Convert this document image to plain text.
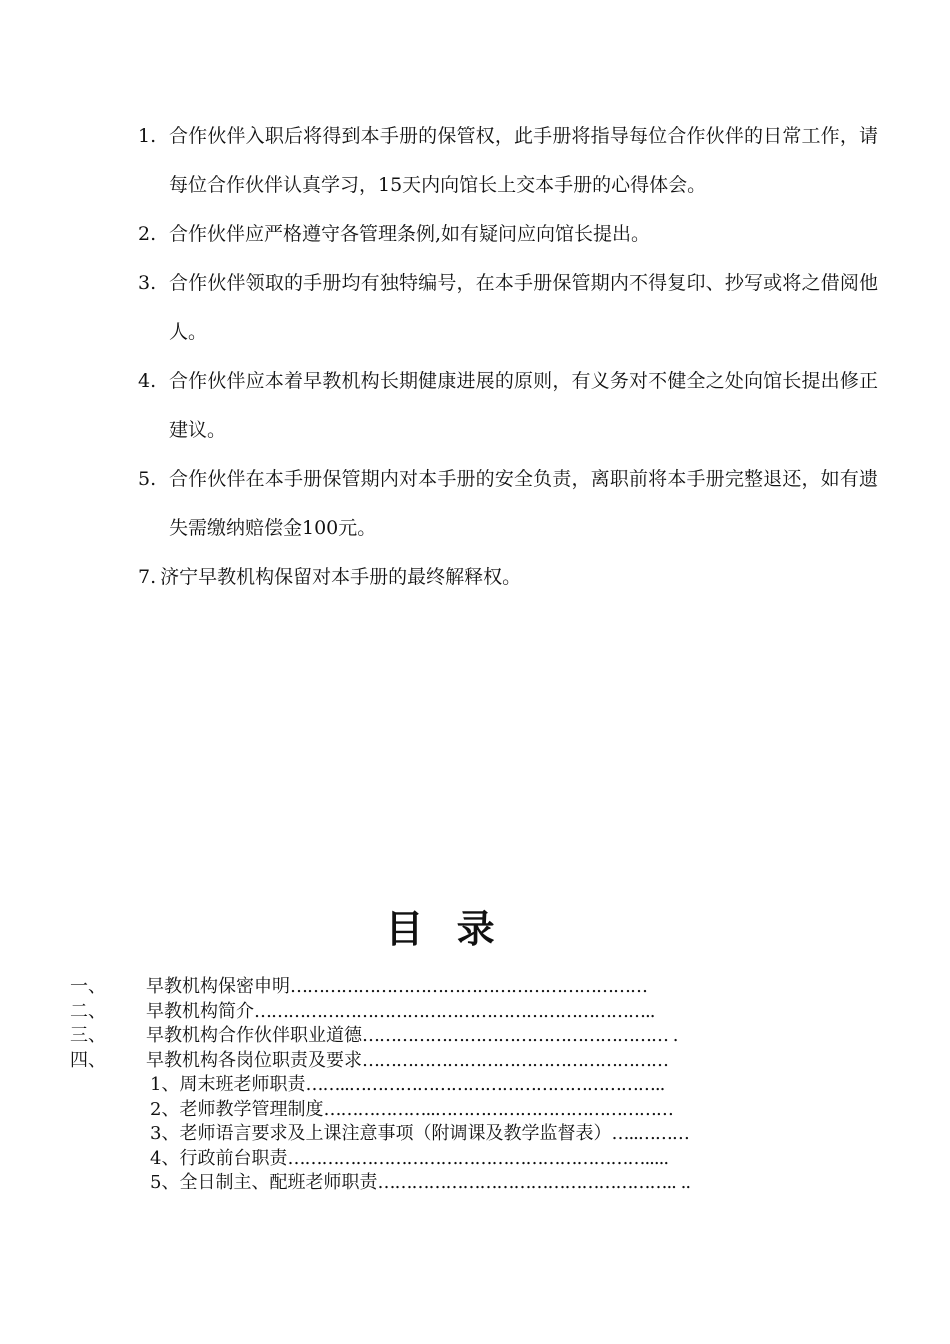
1. 合作伙伴入职后将得到本手册的保管权，此手册将指导每位合作伙伴的日常工作，请每位合作伙伴认真学习，15天内向馆长上交本手册的心得体会。
2. 合作伙伴应严格遵守各管理条例,如有疑问应向馆长提出。
3. 合作伙伴领取的手册均有独特编号，在本手册保管期内不得复印、抄写或将之借阅他人。
4. 合作伙伴应本着早教机构长期健康进展的原则，有义务对不健全之处向馆长提出修正建议。
5. 合作伙伴在本手册保管期内对本手册的安全负责，离职前将本手册完整退还，如有遗失需缴纳赔偿金100元。
7. 济宁早教机构保留对本手册的最终解释权。
目 录
一、 早教机构保密申明………………………………………………………
二、 早教机构简介……………………………………………………………..
三、 早教机构合作伙伴职业道德……………………………………………… .
四、 早教机构各岗位职责及要求………………………………………………
1、周末班老师职责……..………………………………………………..
2、老师教学管理制度………………..……………………………………
3、老师语言要求及上课注意事项（附调课及教学监督表）…..………
4、行政前台职责……………………………………………………….....
5、全日制主、配班老师职责…………………………………………….. ..
